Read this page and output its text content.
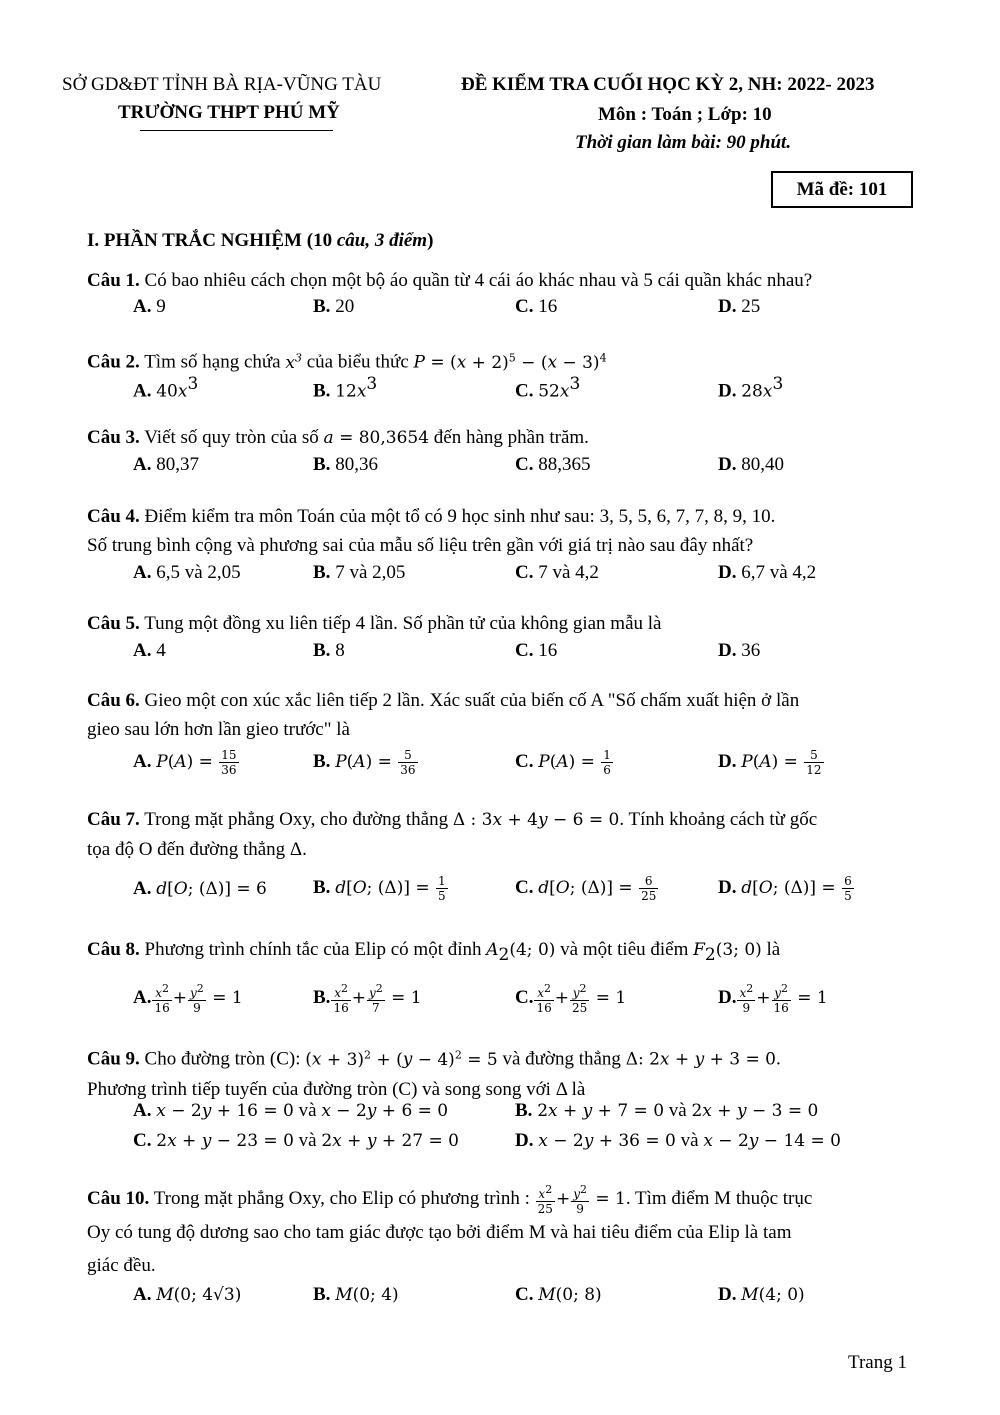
SỞ GD&ĐT TỈNH BÀ RỊA-VŨNG TÀU
TRƯỜNG THPT PHÚ MỸ
ĐỀ KIỂM TRA CUỐI HỌC KỲ 2, NH: 2022- 2023
Môn : Toán ; Lớp: 10
Thời gian làm bài: 90 phút.
Mã đề: 101
I. PHẦN TRẮC NGHIỆM (10 câu, 3 điểm)
Câu 1. Có bao nhiêu cách chọn một bộ áo quần từ 4 cái áo khác nhau và 5 cái quần khác nhau?
A. 9	B. 20	C. 16	D. 25
Câu 2. Tìm số hạng chứa $x^3$ của biểu thức $P = (x + 2)^5 - (x - 3)^4$
A. $40x^3$	B. $12x^3$	C. $52x^3$	D. $28x^3$
Câu 3. Viết số quy tròn của số a = 80,3654 đến hàng phần trăm.
A. 80,37	B. 80,36	C. 88,365	D. 80,40
Câu 4. Điểm kiểm tra môn Toán của một tổ có 9 học sinh như sau: 3, 5, 5, 6, 7, 7, 8, 9, 10.
Số trung bình cộng và phương sai của mẫu số liệu trên gần với giá trị nào sau đây nhất?
A. 6,5 và 2,05	B. 7 và 2,05	C. 7 và 4,2	D. 6,7 và 4,2
Câu 5. Tung một đồng xu liên tiếp 4 lần. Số phần tử của không gian mẫu là
A. 4	B. 8	C. 16	D. 36
Câu 6. Gieo một con xúc xắc liên tiếp 2 lần. Xác suất của biến cố A "Số chấm xuất hiện ở lần
gieo sau lớn hơn lần gieo trước" là
A. $P(A) = \frac{15}{36}$	B. $P(A) = \frac{5}{36}$	C. $P(A) = \frac{1}{6}$	D. $P(A) = \frac{5}{12}$
Câu 7. Trong mặt phẳng Oxy, cho đường thẳng Δ : 3x + 4y − 6 = 0. Tính khoảng cách từ gốc
tọa độ O đến đường thẳng Δ.
A. d[O; (Δ)] = 6 B. d[O; $(\Delta)] = \frac{1}{5}$	C. d[O; $(\Delta)] = \frac{6}{25}$	D. d[O; $(\Delta)] = \frac{6}{5}$
Câu 8. Phương trình chính tắc của Elip có một đỉnh $A_2(4$; 0) và một tiêu điểm $F_2(3$; 0) là
A. $\frac{x^2}{16} + \frac{y^2}{9} = 1$	B. $\frac{x^2}{16} + \frac{y^2}{7} = 1$	C. $\frac{x^2}{16} + \frac{y^2}{25} = 1$	D. $\frac{x^2}{9} + \frac{y^2}{16} = 1$
Câu 9. Cho đường tròn (C): $(x + 3)^2 + (y - 4)^2 = 5$ và đường thẳng Δ: 2x + y + 3 = 0.
Phương trình tiếp tuyến của đường tròn (C) và song song với Δ là
A. x − 2y + 16 = 0 và x − 2y + 6 = 0	B. 2x + y + 7 = 0 và 2x + y − 3 = 0
C. 2x + y − 23 = 0 và 2x + y + 27 = 0	D. x − 2y + 36 = 0 và x − 2y − 14 = 0
Câu 10. Trong mặt phẳng Oxy, cho Elip có phương trình : $\frac{x^2}{25} + \frac{y^2}{9} = 1$. Tìm điểm M thuộc trục
Oy có tung độ dương sao cho tam giác được tạo bởi điểm M và hai tiêu điểm của Elip là tam
giác đều.
A. M(0; 4√3)	B. M(0; 4)	C. M(0; 8)	D. M(4; 0)
Trang 1
